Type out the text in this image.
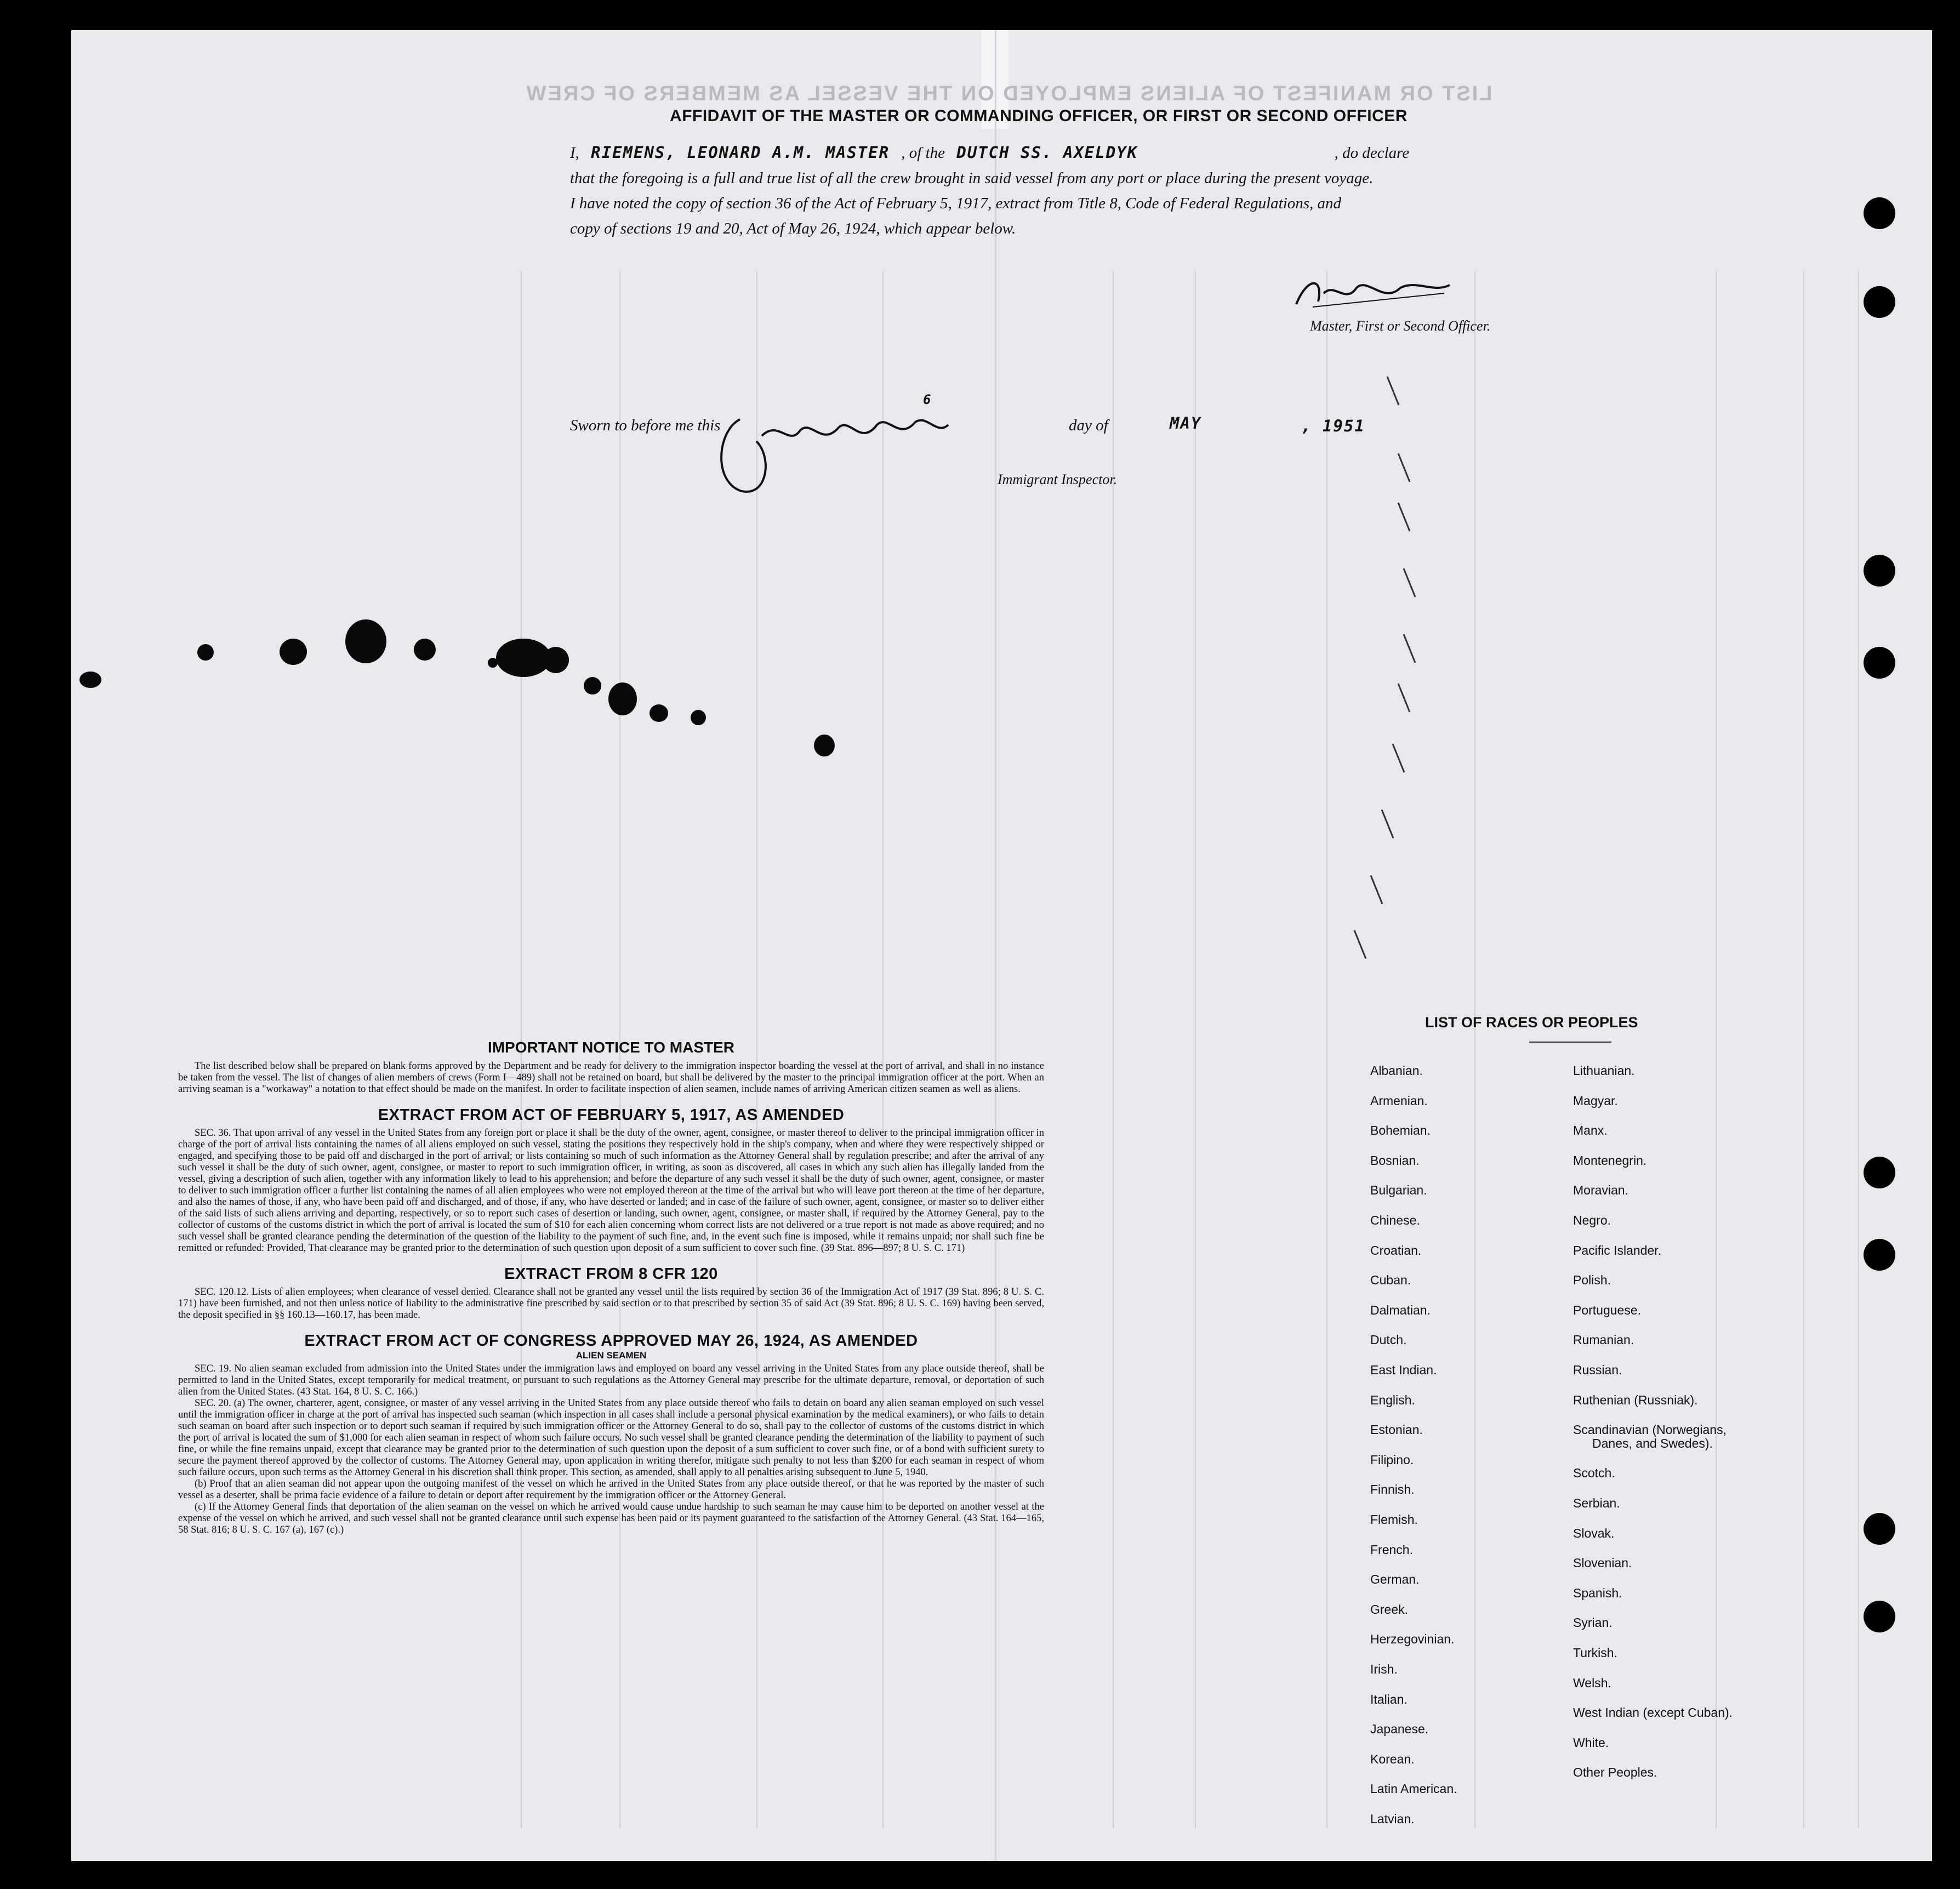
LIST OR MANIFEST OF ALIENS EMPLOYED ON THE VESSEL AS MEMBERS OF CREW
AFFIDAVIT OF THE MASTER OR COMMANDING OFFICER, OR FIRST OR SECOND OFFICER
I, RIEMENS, LEONARD A.M. MASTER , of the DUTCH SS. AXELDYK	, do declare
that the foregoing is a full and true list of all the crew brought in said vessel from any port or place during the present voyage.
I have noted the copy of section 36 of the Act of February 5, 1917, extract from Title 8, Code of Federal Regulations, and
copy of sections 19 and 20, Act of May 26, 1924, which appear below.
Master, First or Second Officer.
Sworn to before me this
6
day of	MAY	, 1951
Immigrant Inspector.
IMPORTANT NOTICE TO MASTER

The list described below shall be prepared on blank forms approved by the Department and be ready for delivery to the immigration inspector boarding the vessel at the port of arrival, and shall in no instance be taken from the vessel. The list of changes of alien members of crews (Form I—489) shall not be retained on board, but shall be delivered by the master to the principal immigration officer at the port. When an arriving seaman is a "workaway" a notation to that effect should be made on the manifest. In order to facilitate inspection of alien seamen, include names of arriving American citizen seamen as well as aliens.

EXTRACT FROM ACT OF FEBRUARY 5, 1917, AS AMENDED

SEC. 36. That upon arrival of any vessel in the United States from any foreign port or place it shall be the duty of the owner, agent, consignee, or master thereof to deliver to the principal immigration officer in charge of the port of arrival lists containing the names of all aliens employed on such vessel, stating the positions they respectively hold in the ship's company, when and where they were respectively shipped or engaged, and specifying those to be paid off and discharged in the port of arrival; or lists containing so much of such information as the Attorney General shall by regulation prescribe; and after the arrival of any such vessel it shall be the duty of such owner, agent, consignee, or master to report to such immigration officer, in writing, as soon as discovered, all cases in which any such alien has illegally landed from the vessel, giving a description of such alien, together with any information likely to lead to his apprehension; and before the departure of any such vessel it shall be the duty of such owner, agent, consignee, or master to deliver to such immigration officer a further list containing the names of all alien employees who were not employed thereon at the time of the arrival but who will leave port thereon at the time of her departure, and also the names of those, if any, who have been paid off and discharged, and of those, if any, who have deserted or landed; and in case of the failure of such owner, agent, consignee, or master so to deliver either of the said lists of such aliens arriving and departing, respectively, or so to report such cases of desertion or landing, such owner, agent, consignee, or master shall, if required by the Attorney General, pay to the collector of customs of the customs district in which the port of arrival is located the sum of $10 for each alien concerning whom correct lists are not delivered or a true report is not made as above required; and no such vessel shall be granted clearance pending the determination of the question of the liability to the payment of such fine, and, in the event such fine is imposed, while it remains unpaid; nor shall such fine be remitted or refunded: Provided, That clearance may be granted prior to the determination of such question upon deposit of a sum sufficient to cover such fine. (39 Stat. 896—897; 8 U. S. C. 171)

EXTRACT FROM 8 CFR 120

SEC. 120.12. Lists of alien employees; when clearance of vessel denied. Clearance shall not be granted any vessel until the lists required by section 36 of the Immigration Act of 1917 (39 Stat. 896; 8 U. S. C. 171) have been furnished, and not then unless notice of liability to the administrative fine prescribed by said section or to that prescribed by section 35 of said Act (39 Stat. 896; 8 U. S. C. 169) having been served, the deposit specified in §§ 160.13—160.17, has been made.

EXTRACT FROM ACT OF CONGRESS APPROVED MAY 26, 1924, AS AMENDED
ALIEN SEAMEN

SEC. 19. No alien seaman excluded from admission into the United States under the immigration laws and employed on board any vessel arriving in the United States from any place outside thereof, shall be permitted to land in the United States, except temporarily for medical treatment, or pursuant to such regulations as the Attorney General may prescribe for the ultimate departure, removal, or deportation of such alien from the United States. (43 Stat. 164, 8 U. S. C. 166.)

SEC. 20. (a) The owner, charterer, agent, consignee, or master of any vessel arriving in the United States from any place outside thereof who fails to detain on board any alien seaman employed on such vessel until the immigration officer in charge at the port of arrival has inspected such seaman (which inspection in all cases shall include a personal physical examination by the medical examiners), or who fails to detain such seaman on board after such inspection or to deport such seaman if required by such immigration officer or the Attorney General to do so, shall pay to the collector of customs of the customs district in which the port of arrival is located the sum of $1,000 for each alien seaman in respect of whom such failure occurs. No such vessel shall be granted clearance pending the determination of the liability to payment of such fine, or while the fine remains unpaid, except that clearance may be granted prior to the determination of such question upon the deposit of a sum sufficient to cover such fine, or of a bond with sufficient surety to secure the payment thereof approved by the collector of customs. The Attorney General may, upon application in writing therefor, mitigate such penalty to not less than $200 for each seaman in respect of whom such failure occurs, upon such terms as the Attorney General in his discretion shall think proper. This section, as amended, shall apply to all penalties arising subsequent to June 5, 1940.

(b) Proof that an alien seaman did not appear upon the outgoing manifest of the vessel on which he arrived in the United States from any place outside thereof, or that he was reported by the master of such vessel as a deserter, shall be prima facie evidence of a failure to detain or deport after requirement by the immigration officer or the Attorney General.

(c) If the Attorney General finds that deportation of the alien seaman on the vessel on which he arrived would cause undue hardship to such seaman he may cause him to be deported on another vessel at the expense of the vessel on which he arrived, and such vessel shall not be granted clearance until such expense has been paid or its payment guaranteed to the satisfaction of the Attorney General. (43 Stat. 164—165, 58 Stat. 816; 8 U. S. C. 167 (a), 167 (c).)

LIST OF RACES OR PEOPLES
Albanian.
Armenian.
Bohemian.
Bosnian.
Bulgarian.
Chinese.
Croatian.
Cuban.
Dalmatian.
Dutch.
East Indian.
English.
Estonian.
Filipino.
Finnish.
Flemish.
French.
German.
Greek.
Herzegovinian.
Irish.
Italian.
Japanese.
Korean.
Latin American.
Latvian.
Lithuanian.
Magyar.
Manx.
Montenegrin.
Moravian.
Negro.
Pacific Islander.
Polish.
Portuguese.
Rumanian.
Russian.
Ruthenian (Russniak).
Scandinavian (Norwegians,
Danes, and Swedes).
Scotch.
Serbian.
Slovak.
Slovenian.
Spanish.
Syrian.
Turkish.
Welsh.
West Indian (except Cuban).
White.
Other Peoples.
